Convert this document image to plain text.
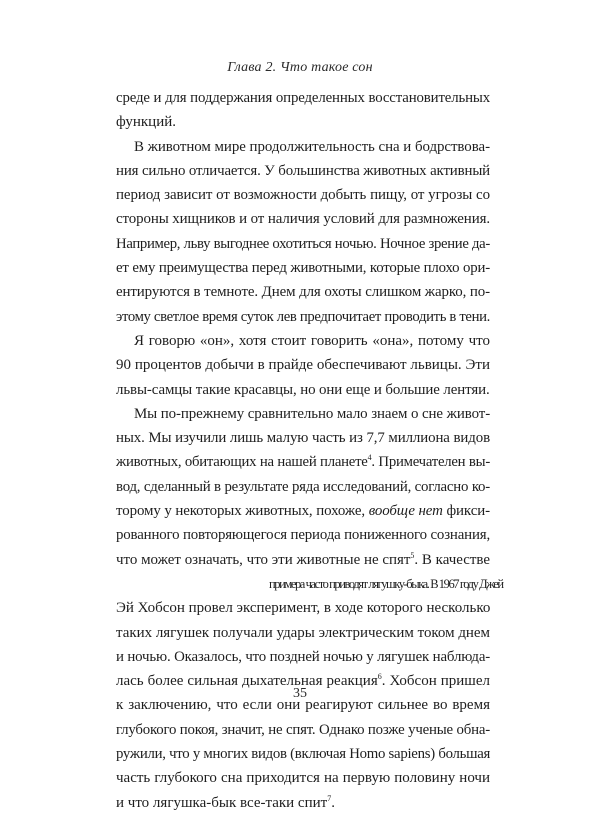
Глава 2. Что такое сон
среде и для поддержания определенных восстановительных
функций.
В животном мире продолжительность сна и бодрствова-
ния сильно отличается. У большинства животных активный
период зависит от возможности добыть пищу, от угрозы со
стороны хищников и от наличия условий для размножения.
Например, льву выгоднее охотиться ночью. Ночное зрение да-
ет ему преимущества перед животными, которые плохо ори-
ентируются в темноте. Днем для охоты слишком жарко, по-
этому светлое время суток лев предпочитает проводить в тени.
Я говорю «он», хотя стоит говорить «она», потому что
90 процентов добычи в прайде обеспечивают львицы. Эти
львы-самцы такие красавцы, но они еще и большие лентяи.
Мы по-прежнему сравнительно мало знаем о сне живот-
ных. Мы изучили лишь малую часть из 7,7 миллиона видов
животных, обитающих на нашей планете$^4$. Примечателен вы-
вод, сделанный в результате ряда исследований, согласно ко-
торому у некоторых животных, похоже, вообще нет фикси-
рованного повторяющегося периода пониженного сознания,
что может означать, что эти животные не спят$^5$. В качестве
примера часто приводят лягушку-быка. В 1967 году Джей
Эй Хобсон провел эксперимент, в ходе которого несколько
таких лягушек получали удары электрическим током днем
и ночью. Оказалось, что поздней ночью у лягушек наблюда-
лась более сильная дыхательная реакция$^6$. Хобсон пришел
к заключению, что если они реагируют сильнее во время
глубокого покоя, значит, не спят. Однако позже ученые обна-
ружили, что у многих видов (включая Homo sapiens) большая
часть глубокого сна приходится на первую половину ночи
и что лягушка-бык все-таки спит$^7$.
35
